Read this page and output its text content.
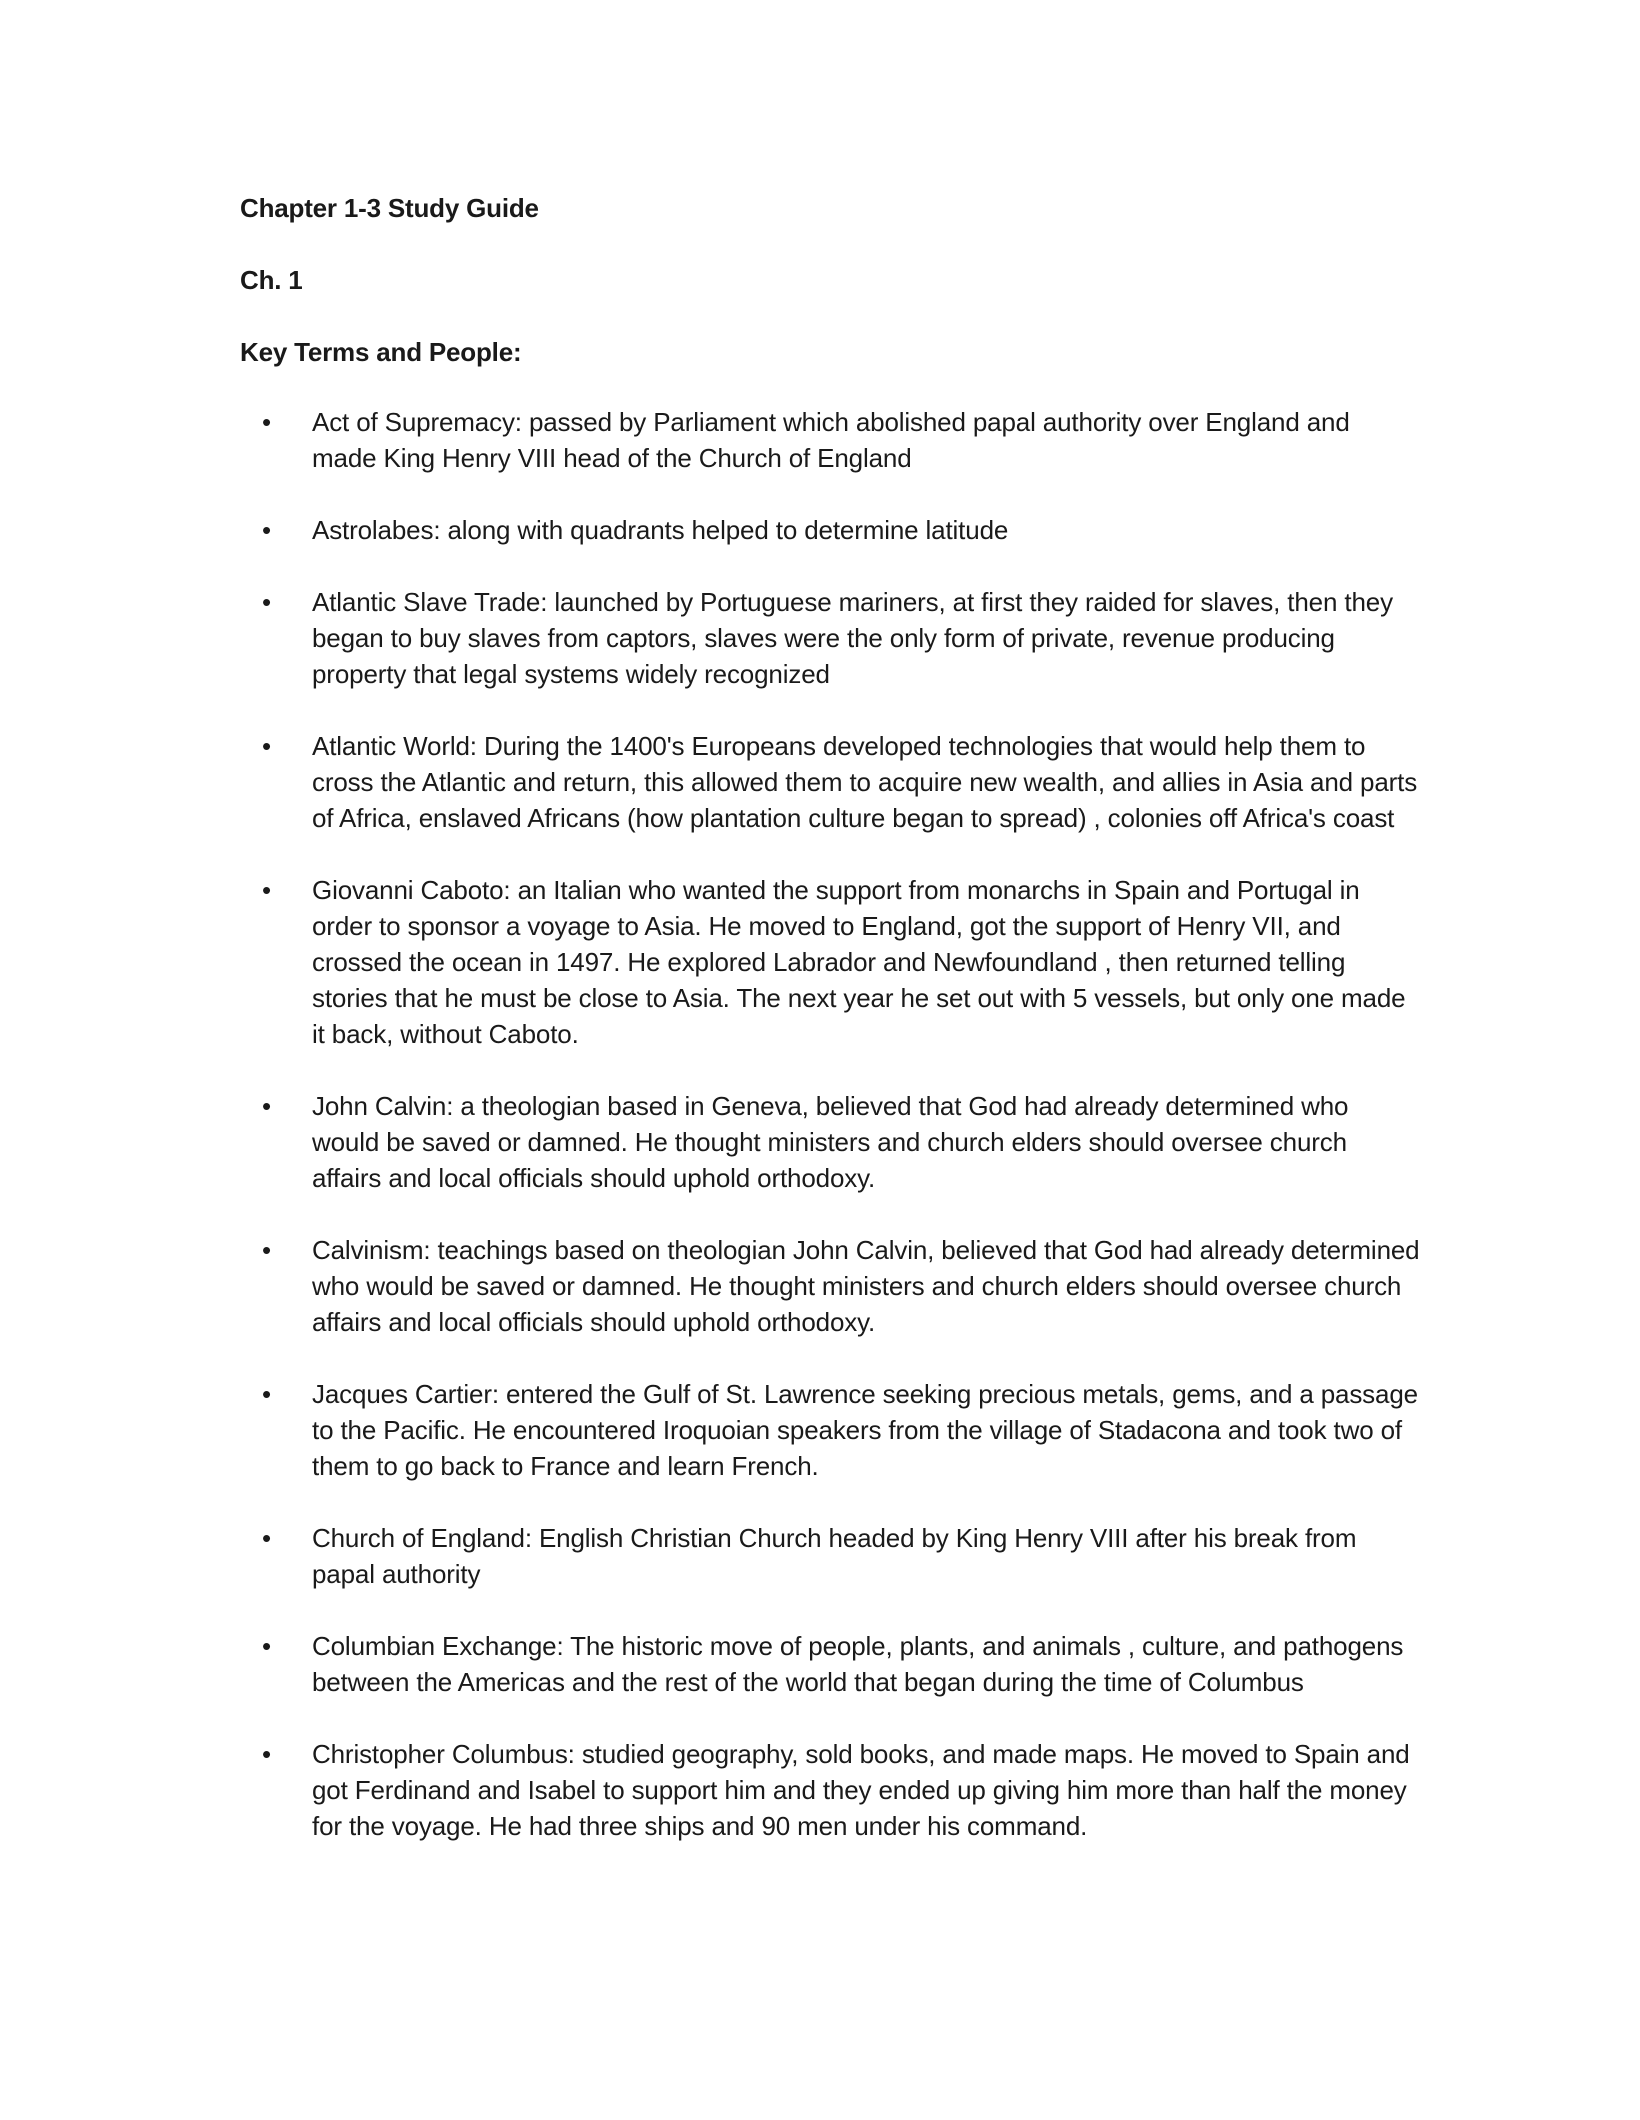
Chapter 1-3 Study Guide

Ch. 1

Key Terms and People:

• Act of Supremacy: passed by Parliament which abolished papal authority over England and made King Henry VIII head of the Church of England
• Astrolabes: along with quadrants helped to determine latitude
• Atlantic Slave Trade: launched by Portuguese mariners, at first they raided for slaves, then they began to buy slaves from captors, slaves were the only form of private, revenue producing property that legal systems widely recognized
• Atlantic World: During the 1400's Europeans developed technologies that would help them to cross the Atlantic and return, this allowed them to acquire new wealth, and allies in Asia and parts of Africa, enslaved Africans (how plantation culture began to spread) , colonies off Africa's coast
• Giovanni Caboto: an Italian who wanted the support from monarchs in Spain and Portugal in order to sponsor a voyage to Asia. He moved to England, got the support of Henry VII, and crossed the ocean in 1497. He explored Labrador and Newfoundland , then returned telling stories that he must be close to Asia. The next year he set out with 5 vessels, but only one made it back, without Caboto.
• John Calvin: a theologian based in Geneva, believed that God had already determined who would be saved or damned. He thought ministers and church elders should oversee church affairs and local officials should uphold orthodoxy.
• Calvinism: teachings based on theologian John Calvin, believed that God had already determined who would be saved or damned. He thought ministers and church elders should oversee church affairs and local officials should uphold orthodoxy.
• Jacques Cartier: entered the Gulf of St. Lawrence seeking precious metals, gems, and a passage to the Pacific. He encountered Iroquoian speakers from the village of Stadacona and took two of them to go back to France and learn French.
• Church of England: English Christian Church headed by King Henry VIII after his break from papal authority
• Columbian Exchange: The historic move of people, plants, and animals , culture, and pathogens between the Americas and the rest of the world that began during the time of Columbus
• Christopher Columbus: studied geography, sold books, and made maps. He moved to Spain and got Ferdinand and Isabel to support him and they ended up giving him more than half the money for the voyage. He had three ships and 90 men under his command.
